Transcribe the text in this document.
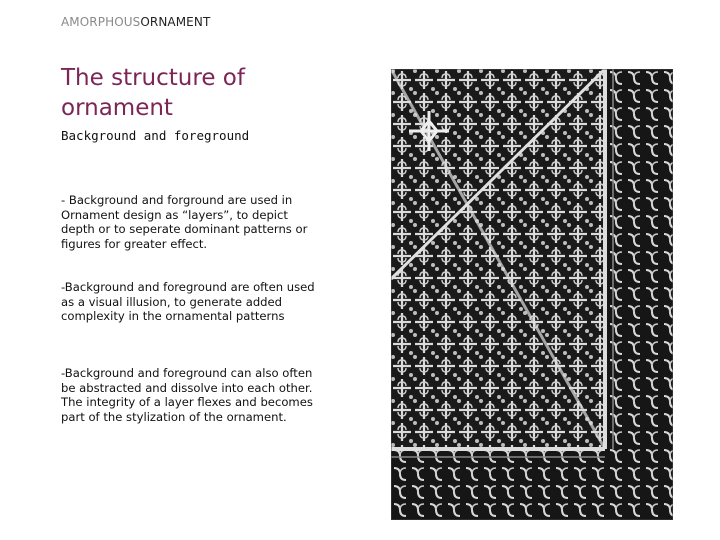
AMORPHOUSORNAMENT
The structure of ornament
Background and foreground

- Background and forground are used in Ornament design as “layers”, to depict depth or to seperate dominant patterns or figures for greater effect.

-Background and foreground are often used as a visual illusion, to generate added complexity in the ornamental patterns

-Background and foreground can also often be abstracted and dissolve into each other. The integrity of a layer flexes and becomes part of the stylization of the ornament.
